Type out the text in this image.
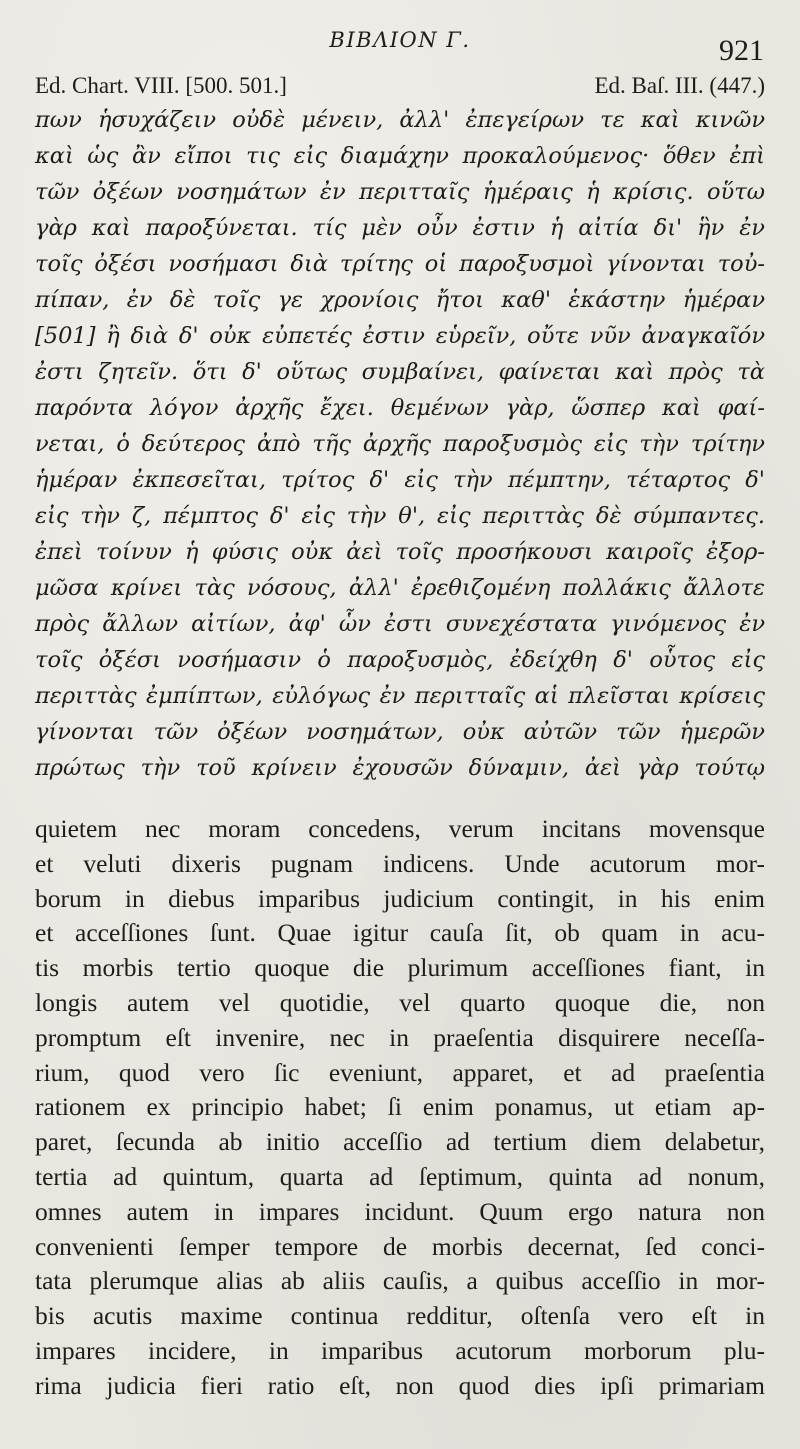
BIBΛΙΟΝ Γ.	921
Ed. Chart. VIII. [500. 501.]	Ed. Baſ. III. (447.)
πων ἡσυχάζειν οὐδὲ μένειν, ἀλλ' ἐπεγείρων τε καὶ κινῶν
καὶ ὡς ἂν εἴποι τις εἰς διαμάχην προκαλούμενος· ὅθεν ἐπὶ
τῶν ὀξέων νοσημάτων ἐν περιτταῖς ἡμέραις ἡ κρίσις. οὕτω
γὰρ καὶ παροξύνεται. τίς μὲν οὖν ἐστιν ἡ αἰτία δι' ἣν ἐν
τοῖς ὀξέσι νοσήμασι διὰ τρίτης οἱ παροξυσμοὶ γίνονται τοὐ-
πίπαν, ἐν δὲ τοῖς γε χρονίοις ἤτοι καθ' ἑκάστην ἡμέραν
[501] ἢ διὰ δ' οὐκ εὐπετές ἐστιν εὑρεῖν, οὔτε νῦν ἀναγκαῖόν
ἐστι ζητεῖν. ὅτι δ' οὕτως συμβαίνει, φαίνεται καὶ πρὸς τὰ
παρόντα λόγον ἀρχῆς ἔχει. θεμένων γὰρ, ὥσπερ καὶ φαί-
νεται, ὁ δεύτερος ἀπὸ τῆς ἀρχῆς παροξυσμὸς εἰς τὴν τρίτην
ἡμέραν ἐκπεσεῖται, τρίτος δ' εἰς τὴν πέμπτην, τέταρτος δ'
εἰς τὴν ζ, πέμπτος δ' εἰς τὴν θ', εἰς περιττὰς δὲ σύμπαντες.
ἐπεὶ τοίνυν ἡ φύσις οὐκ ἀεὶ τοῖς προσήκουσι καιροῖς ἐξορ-
μῶσα κρίνει τὰς νόσους, ἀλλ' ἐρεθιζομένη πολλάκις ἄλλοτε
πρὸς ἄλλων αἰτίων, ἀφ' ὧν ἐστι συνεχέστατα γινόμενος ἐν
τοῖς ὀξέσι νοσήμασιν ὁ παροξυσμὸς, ἐδείχθη δ' οὗτος εἰς
περιττὰς ἐμπίπτων, εὐλόγως ἐν περιτταῖς αἱ πλεῖσται κρίσεις
γίνονται τῶν ὀξέων νοσημάτων, οὐκ αὐτῶν τῶν ἡμερῶν
πρώτως τὴν τοῦ κρίνειν ἐχουσῶν δύναμιν, ἀεὶ γὰρ τούτῳ
quietem nec moram concedens, verum incitans movensque
et veluti dixeris pugnam indicens. Unde acutorum mor-
borum in diebus imparibus judicium contingit, in his enim
et acceſſiones ſunt. Quae igitur cauſa ſit, ob quam in acu-
tis morbis tertio quoque die plurimum acceſſiones fiant, in
longis autem vel quotidie, vel quarto quoque die, non
promptum eſt invenire, nec in praeſentia disquirere neceſſa-
rium, quod vero ſic eveniunt, apparet, et ad praeſentia
rationem ex principio habet; ſi enim ponamus, ut etiam ap-
paret, ſecunda ab initio acceſſio ad tertium diem delabetur,
tertia ad quintum, quarta ad ſeptimum, quinta ad nonum,
omnes autem in impares incidunt. Quum ergo natura non
convenienti ſemper tempore de morbis decernat, ſed conci-
tata plerumque alias ab aliis cauſis, a quibus acceſſio in mor-
bis acutis maxime continua redditur, oſtenſa vero eſt in
impares incidere, in imparibus acutorum morborum plu-
rima judicia fieri ratio eſt, non quod dies ipſi primariam
